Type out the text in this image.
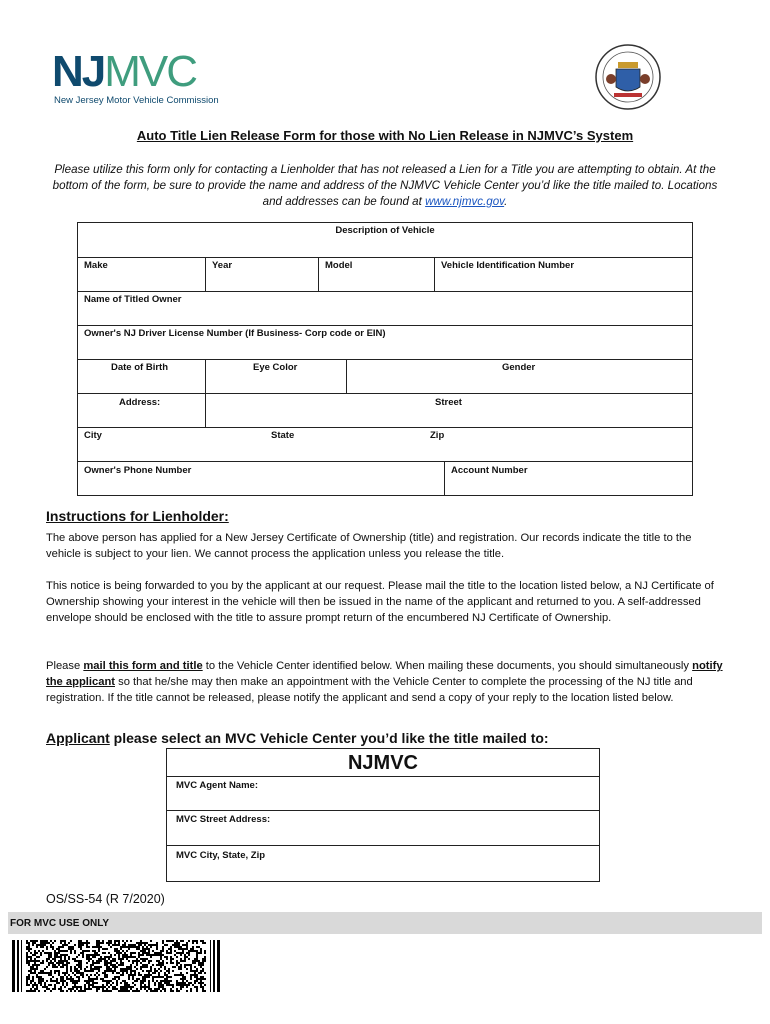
NJMVC
New Jersey Motor Vehicle Commission
Auto Title Lien Release Form for those with No Lien Release in NJMVC’s System
Please utilize this form only for contacting a Lienholder that has not released a Lien for a Title you are attempting to obtain. At the bottom of the form, be sure to provide the name and address of the NJMVC Vehicle Center you’d like the title mailed to. Locations and addresses can be found at www.njmvc.gov.
Description of Vehicle
Make	Year	Model	Vehicle Identification Number
Name of Titled Owner
Owner's NJ Driver License Number (If Business- Corp code or EIN)
Date of Birth	Eye Color	Gender
Address:	Street
City	State	Zip
Owner's Phone Number	Account Number
Instructions for Lienholder:
The above person has applied for a New Jersey Certificate of Ownership (title) and registration. Our records indicate the title to the vehicle is subject to your lien. We cannot process the application unless you release the title.
This notice is being forwarded to you by the applicant at our request. Please mail the title to the location listed below, a NJ Certificate of Ownership showing your interest in the vehicle will then be issued in the name of the applicant and returned to you. A self-addressed envelope should be enclosed with the title to assure prompt return of the encumbered NJ Certificate of Ownership.
Please mail this form and title to the Vehicle Center identified below. When mailing these documents, you should simultaneously notify the applicant so that he/she may then make an appointment with the Vehicle Center to complete the processing of the NJ title and registration. If the title cannot be released, please notify the applicant and send a copy of your reply to the location listed below.
Applicant please select an MVC Vehicle Center you’d like the title mailed to:
NJMVC
MVC Agent Name:
MVC Street Address:
MVC City, State, Zip
OS/SS-54 (R 7/2020)
FOR MVC USE ONLY
